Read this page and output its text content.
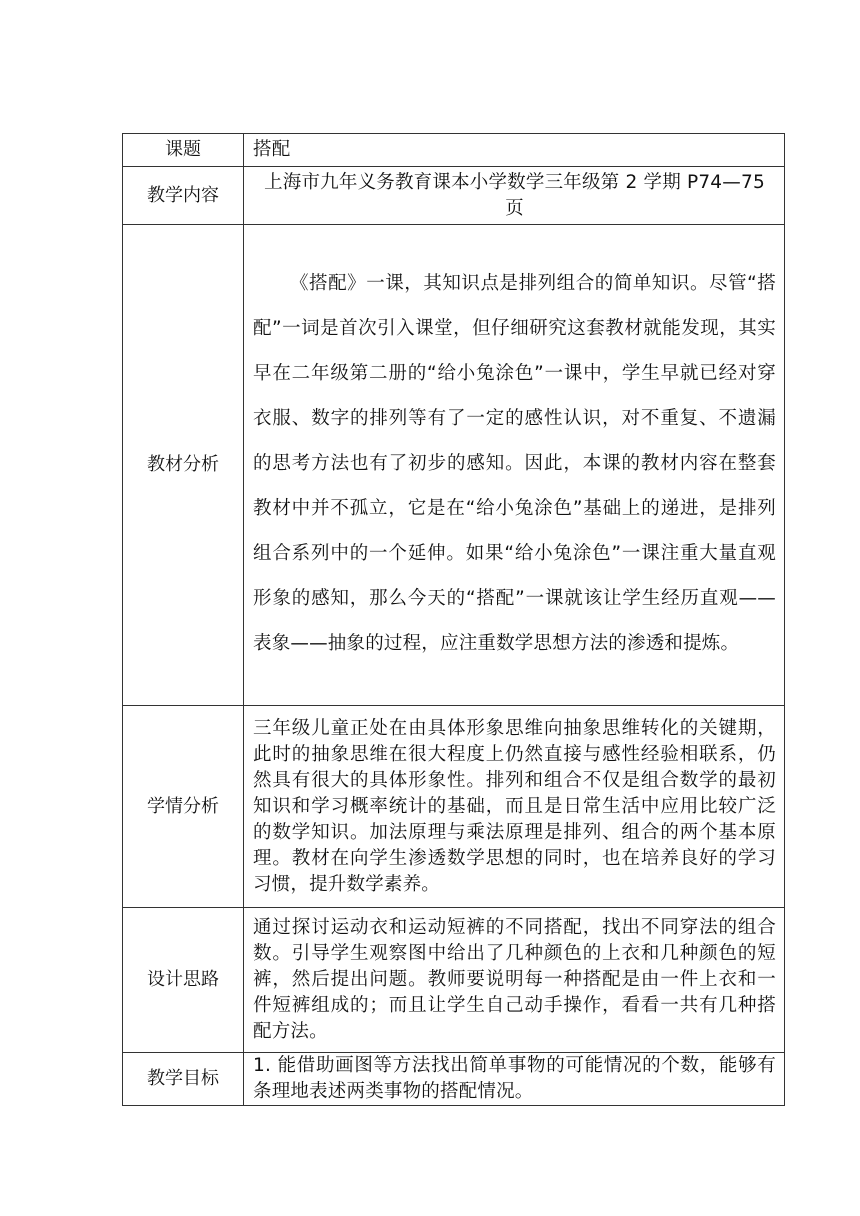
课题	搭配
教学内容	上海市九年义务教育课本小学数学三年级第 2 学期 P74—75 页

教材分析	《搭配》一课，其知识点是排列组合的简单知识。尽管“搭配”一词是首次引入课堂，但仔细研究这套教材就能发现，其实早在二年级第二册的“给小兔涂色”一课中，学生早就已经对穿衣服、数字的排列等有了一定的感性认识，对不重复、不遗漏的思考方法也有了初步的感知。因此，本课的教材内容在整套教材中并不孤立，它是在“给小兔涂色”基础上的递进，是排列组合系列中的一个延伸。如果“给小兔涂色”一课注重大量直观形象的感知，那么今天的“搭配”一课就该让学生经历直观——表象——抽象的过程，应注重数学思想方法的渗透和提炼。

学情分析	三年级儿童正处在由具体形象思维向抽象思维转化的关键期，此时的抽象思维在很大程度上仍然直接与感性经验相联系，仍然具有很大的具体形象性。排列和组合不仅是组合数学的最初知识和学习概率统计的基础，而且是日常生活中应用比较广泛的数学知识。加法原理与乘法原理是排列、组合的两个基本原理。教材在向学生渗透数学思想的同时，也在培养良好的学习习惯，提升数学素养。

设计思路	通过探讨运动衣和运动短裤的不同搭配，找出不同穿法的组合数。引导学生观察图中给出了几种颜色的上衣和几种颜色的短裤，然后提出问题。教师要说明每一种搭配是由一件上衣和一件短裤组成的；而且让学生自己动手操作，看看一共有几种搭配方法。

教学目标	1. 能借助画图等方法找出简单事物的可能情况的个数，能够有条理地表述两类事物的搭配情况。
